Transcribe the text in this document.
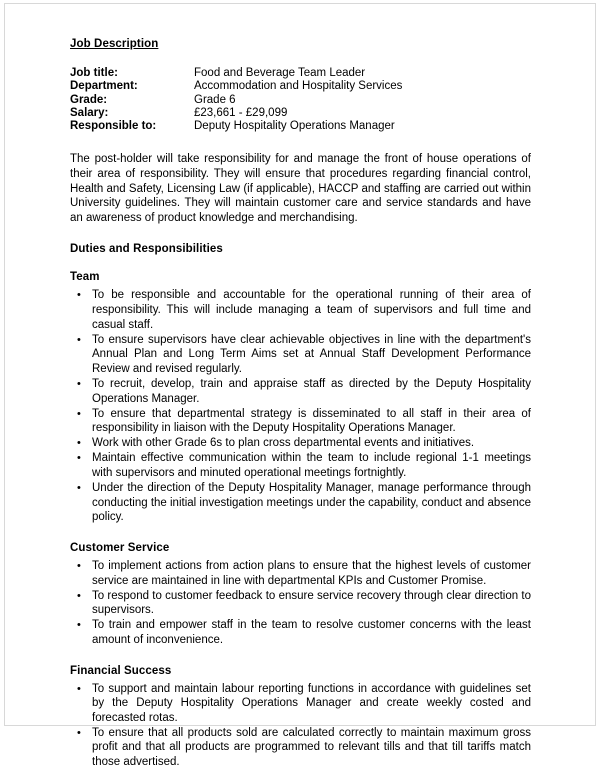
Job Description
Job title:	Food and Beverage Team Leader
Department:	Accommodation and Hospitality Services
Grade:	Grade 6
Salary:	£23,661 - £29,099
Responsible to:	Deputy Hospitality Operations Manager

The post-holder will take responsibility for and manage the front of house operations of their area of responsibility. They will ensure that procedures regarding financial control, Health and Safety, Licensing Law (if applicable), HACCP and staffing are carried out within University guidelines. They will maintain customer care and service standards and have an awareness of product knowledge and merchandising.

Duties and Responsibilities
Team
• To be responsible and accountable for the operational running of their area of responsibility. This will include managing a team of supervisors and full time and casual staff.
• To ensure supervisors have clear achievable objectives in line with the department's Annual Plan and Long Term Aims set at Annual Staff Development Performance Review and revised regularly.
• To recruit, develop, train and appraise staff as directed by the Deputy Hospitality Operations Manager.
• To ensure that departmental strategy is disseminated to all staff in their area of responsibility in liaison with the Deputy Hospitality Operations Manager.
• Work with other Grade 6s to plan cross departmental events and initiatives.
• Maintain effective communication within the team to include regional 1-1 meetings with supervisors and minuted operational meetings fortnightly.
• Under the direction of the Deputy Hospitality Manager, manage performance through conducting the initial investigation meetings under the capability, conduct and absence policy.
Customer Service
• To implement actions from action plans to ensure that the highest levels of customer service are maintained in line with departmental KPIs and Customer Promise.
• To respond to customer feedback to ensure service recovery through clear direction to supervisors.
• To train and empower staff in the team to resolve customer concerns with the least amount of inconvenience.
Financial Success
• To support and maintain labour reporting functions in accordance with guidelines set by the Deputy Hospitality Operations Manager and create weekly costed and forecasted rotas.
• To ensure that all products sold are calculated correctly to maintain maximum gross profit and that all products are programmed to relevant tills and that till tariffs match those advertised.
